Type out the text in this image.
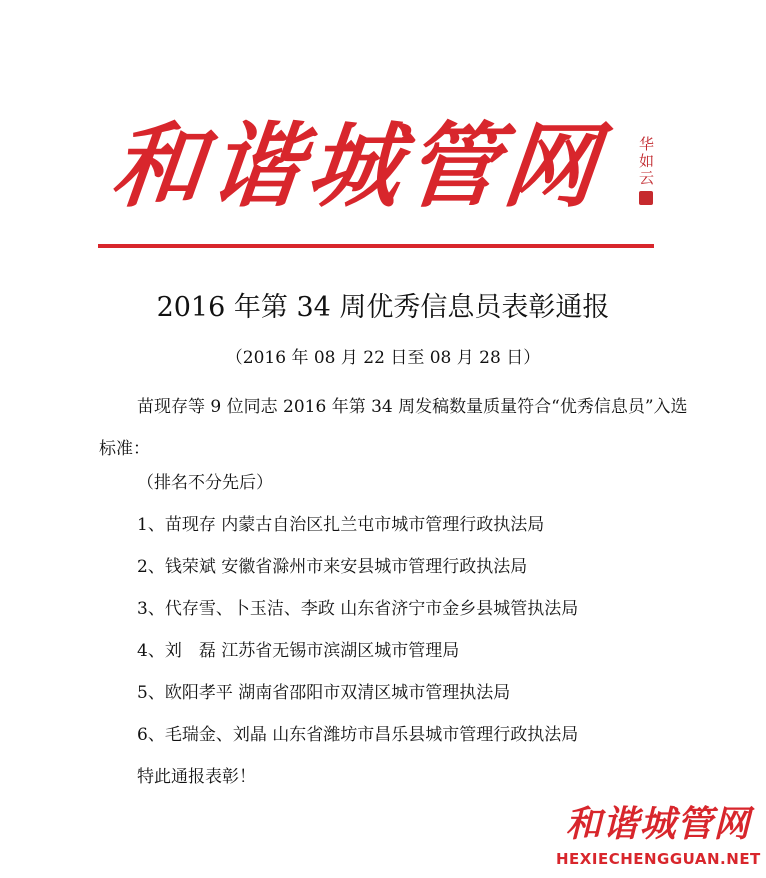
和谐城管网 华如云
2016 年第 34 周优秀信息员表彰通报
（2016 年 08 月 22 日至 08 月 28 日）
苗现存等 9 位同志 2016 年第 34 周发稿数量质量符合“优秀信息员”入选标准：
（排名不分先后）
1、苗现存 内蒙古自治区扎兰屯市城市管理行政执法局
2、钱荣斌 安徽省滁州市来安县城市管理行政执法局
3、代存雪、卜玉洁、李政 山东省济宁市金乡县城管执法局
4、刘　磊 江苏省无锡市滨湖区城市管理局
5、欧阳孝平 湖南省邵阳市双清区城市管理执法局
6、毛瑞金、刘晶 山东省潍坊市昌乐县城市管理行政执法局
特此通报表彰！
和谐城管网
HEXIECHENGGUAN.NET
